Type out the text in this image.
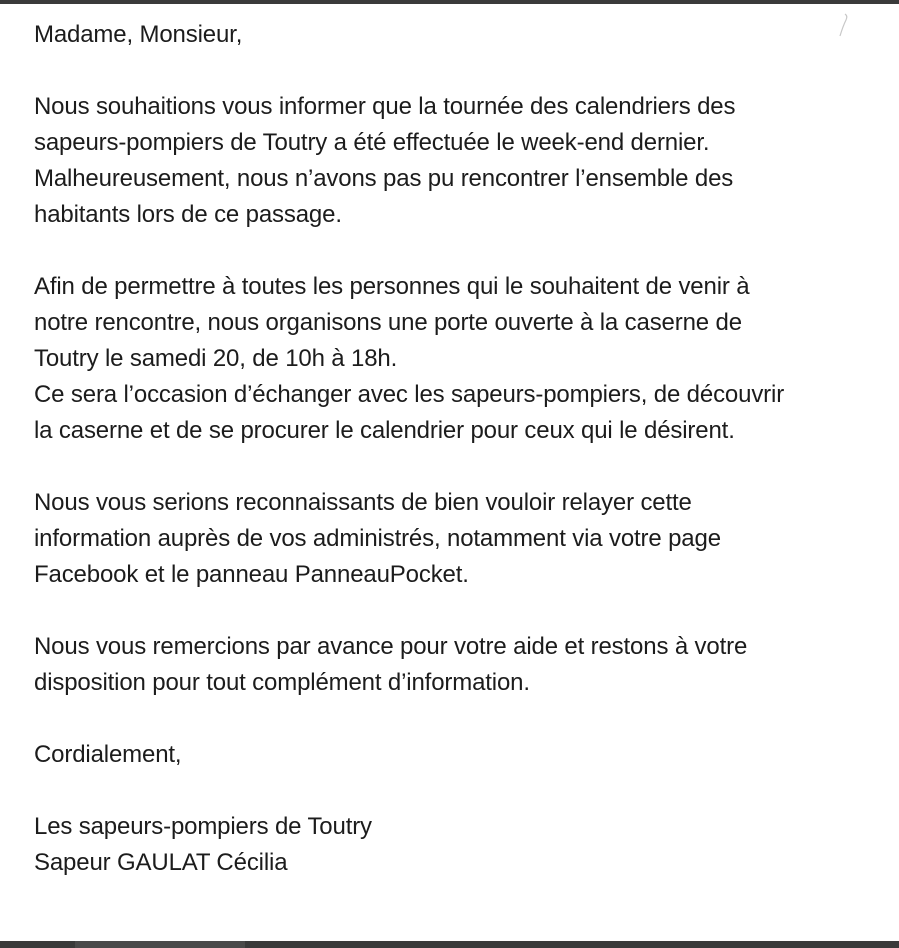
Madame, Monsieur,

Nous souhaitions vous informer que la tournée des calendriers des
sapeurs-pompiers de Toutry a été effectuée le week-end dernier.
Malheureusement, nous n’avons pas pu rencontrer l’ensemble des
habitants lors de ce passage.

Afin de permettre à toutes les personnes qui le souhaitent de venir à
notre rencontre, nous organisons une porte ouverte à la caserne de
Toutry le samedi 20, de 10h à 18h.
Ce sera l’occasion d’échanger avec les sapeurs-pompiers, de découvrir
la caserne et de se procurer le calendrier pour ceux qui le désirent.

Nous vous serions reconnaissants de bien vouloir relayer cette
information auprès de vos administrés, notamment via votre page
Facebook et le panneau PanneauPocket.

Nous vous remercions par avance pour votre aide et restons à votre
disposition pour tout complément d’information.

Cordialement,

Les sapeurs-pompiers de Toutry
Sapeur GAULAT Cécilia
